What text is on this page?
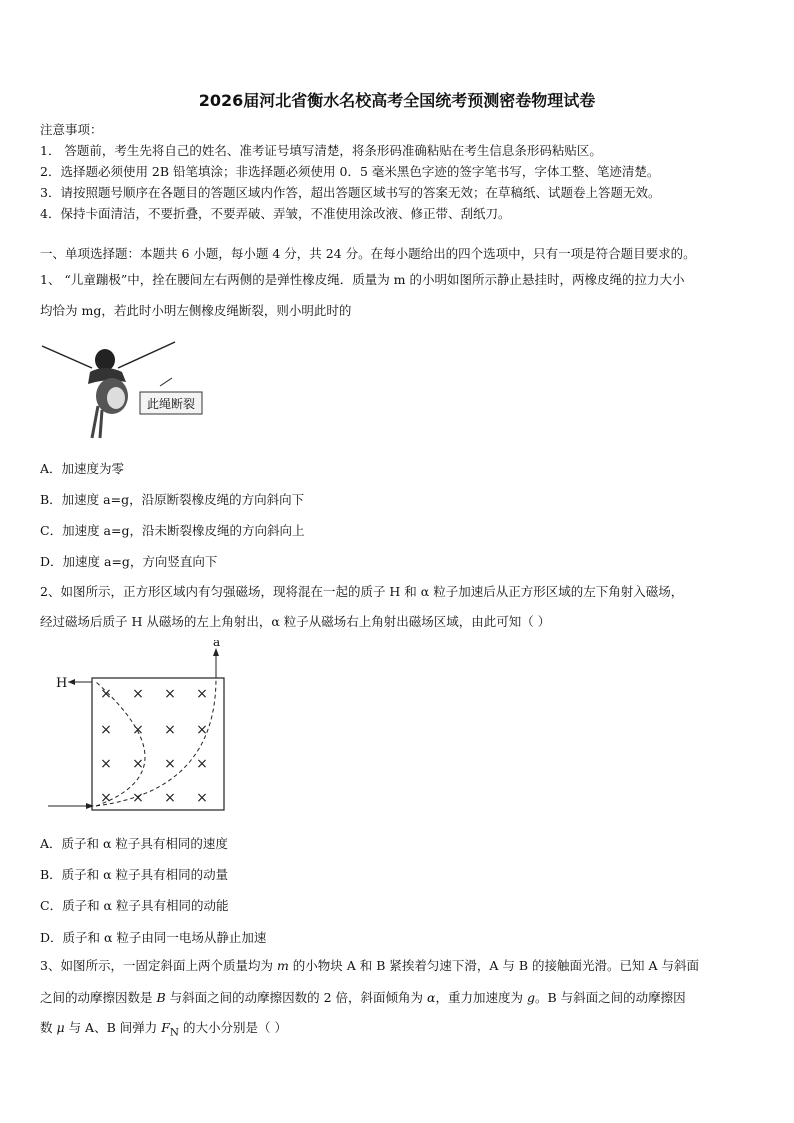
2026届河北省衡水名校高考全国统考预测密卷物理试卷
注意事项：
1． 答题前，考生先将自己的姓名、准考证号填写清楚，将条形码准确粘贴在考生信息条形码粘贴区。
2．选择题必须使用 2B 铅笔填涂；非选择题必须使用 0．5 毫米黑色字迹的签字笔书写，字体工整、笔迹清楚。
3．请按照题号顺序在各题目的答题区域内作答，超出答题区域书写的答案无效；在草稿纸、试题卷上答题无效。
4．保持卡面清洁，不要折叠，不要弄破、弄皱，不准使用涂改液、修正带、刮纸刀。
一、单项选择题：本题共 6 小题，每小题 4 分，共 24 分。在每小题给出的四个选项中，只有一项是符合题目要求的。
1、 “儿童蹦极”中，拴在腰间左右两侧的是弹性橡皮绳．质量为 m 的小明如图所示静止悬挂时，两橡皮绳的拉力大小
均恰为 mg，若此时小明左侧橡皮绳断裂，则小明此时的
此绳断裂
A．加速度为零
B．加速度 a=g，沿原断裂橡皮绳的方向斜向下
C．加速度 a=g，沿未断裂橡皮绳的方向斜向上
D．加速度 a=g，方向竖直向下
2、如图所示，正方形区域内有匀强磁场，现将混在一起的质子 H 和 α 粒子加速后从正方形区域的左下角射入磁场，
经过磁场后质子 H 从磁场的左上角射出，α 粒子从磁场右上角射出磁场区域，由此可知（ ）
H
a
× × × ×
× × × ×
× × × ×
× × × ×
A．质子和 α 粒子具有相同的速度
B．质子和 α 粒子具有相同的动量
C．质子和 α 粒子具有相同的动能
D．质子和 α 粒子由同一电场从静止加速
3、如图所示，一固定斜面上两个质量均为 m 的小物块 A 和 B 紧挨着匀速下滑，A 与 B 的接触面光滑。已知 A 与斜面
之间的动摩擦因数是 B 与斜面之间的动摩擦因数的 2 倍，斜面倾角为 α，重力加速度为 g。B 与斜面之间的动摩擦因
数 μ 与 A、B 间弹力 $F_N$ 的大小分别是（ ）
